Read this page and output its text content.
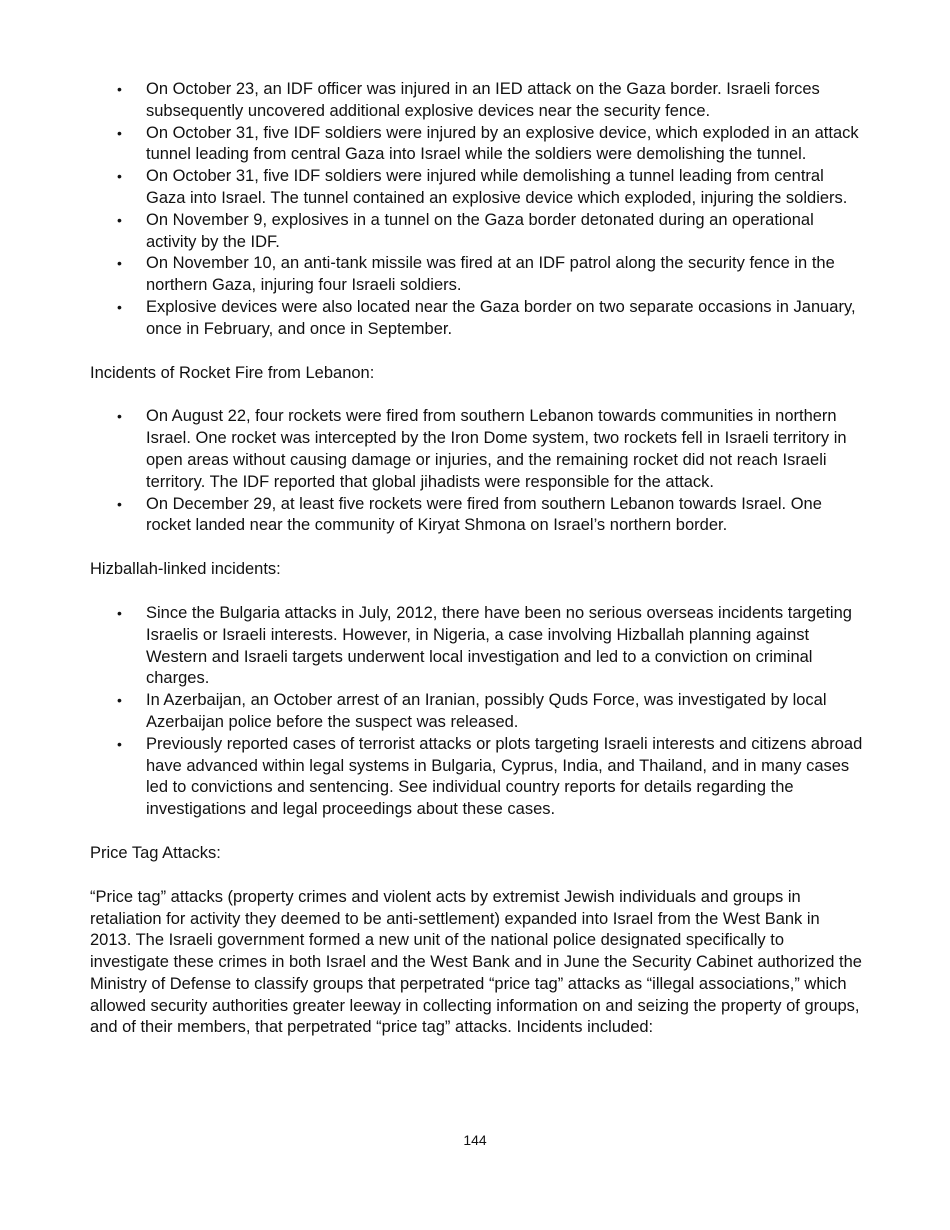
• On October 23, an IDF officer was injured in an IED attack on the Gaza border. Israeli forces subsequently uncovered additional explosive devices near the security fence.
• On October 31, five IDF soldiers were injured by an explosive device, which exploded in an attack tunnel leading from central Gaza into Israel while the soldiers were demolishing the tunnel.
• On October 31, five IDF soldiers were injured while demolishing a tunnel leading from central Gaza into Israel. The tunnel contained an explosive device which exploded, injuring the soldiers.
• On November 9, explosives in a tunnel on the Gaza border detonated during an operational activity by the IDF.
• On November 10, an anti-tank missile was fired at an IDF patrol along the security fence in the northern Gaza, injuring four Israeli soldiers.
• Explosive devices were also located near the Gaza border on two separate occasions in January, once in February, and once in September.

Incidents of Rocket Fire from Lebanon:

• On August 22, four rockets were fired from southern Lebanon towards communities in northern Israel. One rocket was intercepted by the Iron Dome system, two rockets fell in Israeli territory in open areas without causing damage or injuries, and the remaining rocket did not reach Israeli territory. The IDF reported that global jihadists were responsible for the attack.
• On December 29, at least five rockets were fired from southern Lebanon towards Israel. One rocket landed near the community of Kiryat Shmona on Israel’s northern border.

Hizballah-linked incidents:

• Since the Bulgaria attacks in July, 2012, there have been no serious overseas incidents targeting Israelis or Israeli interests. However, in Nigeria, a case involving Hizballah planning against Western and Israeli targets underwent local investigation and led to a conviction on criminal charges.
• In Azerbaijan, an October arrest of an Iranian, possibly Quds Force, was investigated by local Azerbaijan police before the suspect was released.
• Previously reported cases of terrorist attacks or plots targeting Israeli interests and citizens abroad have advanced within legal systems in Bulgaria, Cyprus, India, and Thailand, and in many cases led to convictions and sentencing. See individual country reports for details regarding the investigations and legal proceedings about these cases.

Price Tag Attacks:

“Price tag” attacks (property crimes and violent acts by extremist Jewish individuals and groups in retaliation for activity they deemed to be anti-settlement) expanded into Israel from the West Bank in 2013. The Israeli government formed a new unit of the national police designated specifically to investigate these crimes in both Israel and the West Bank and in June the Security Cabinet authorized the Ministry of Defense to classify groups that perpetrated “price tag” attacks as “illegal associations,” which allowed security authorities greater leeway in collecting information on and seizing the property of groups, and of their members, that perpetrated “price tag” attacks. Incidents included:

144
